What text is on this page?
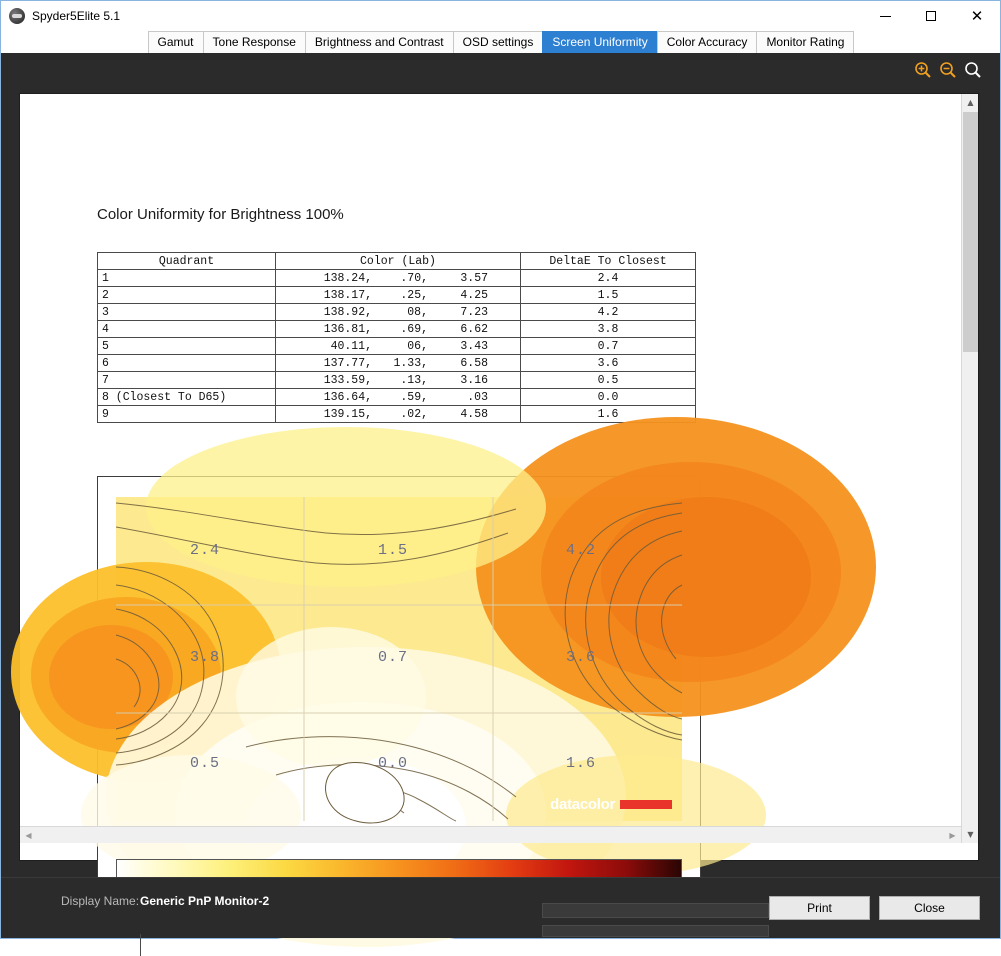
Spyder5Elite 5.1	✕
Gamut	Tone Response	Brightness and Contrast	OSD settings	Screen Uniformity	Color Accuracy	Monitor Rating
Color Uniformity for Brightness 100%
Quadrant	Color (Lab)	DeltaE To Closest
1	138.24, .70, 3.57	2.4
2	138.17, .25, 4.25	1.5
3	138.92, 08, 7.23	4.2
4	136.81, .69, 6.62	3.8
5	40.11, 06, 3.43	0.7
6	137.77, 1.33, 6.58	3.6
7	133.59, .13, 3.16	0.5
8 (Closest To D65)	136.64, .59, .03	0.0
9	139.15, .02, 4.58	1.6
2.4	1.5	4.2
3.8	0.7	3.6
0.5	0.0	1.6
datacolor
◀	▶
▲
▼
Display Name: Generic PnP Monitor-2	Print	Close
